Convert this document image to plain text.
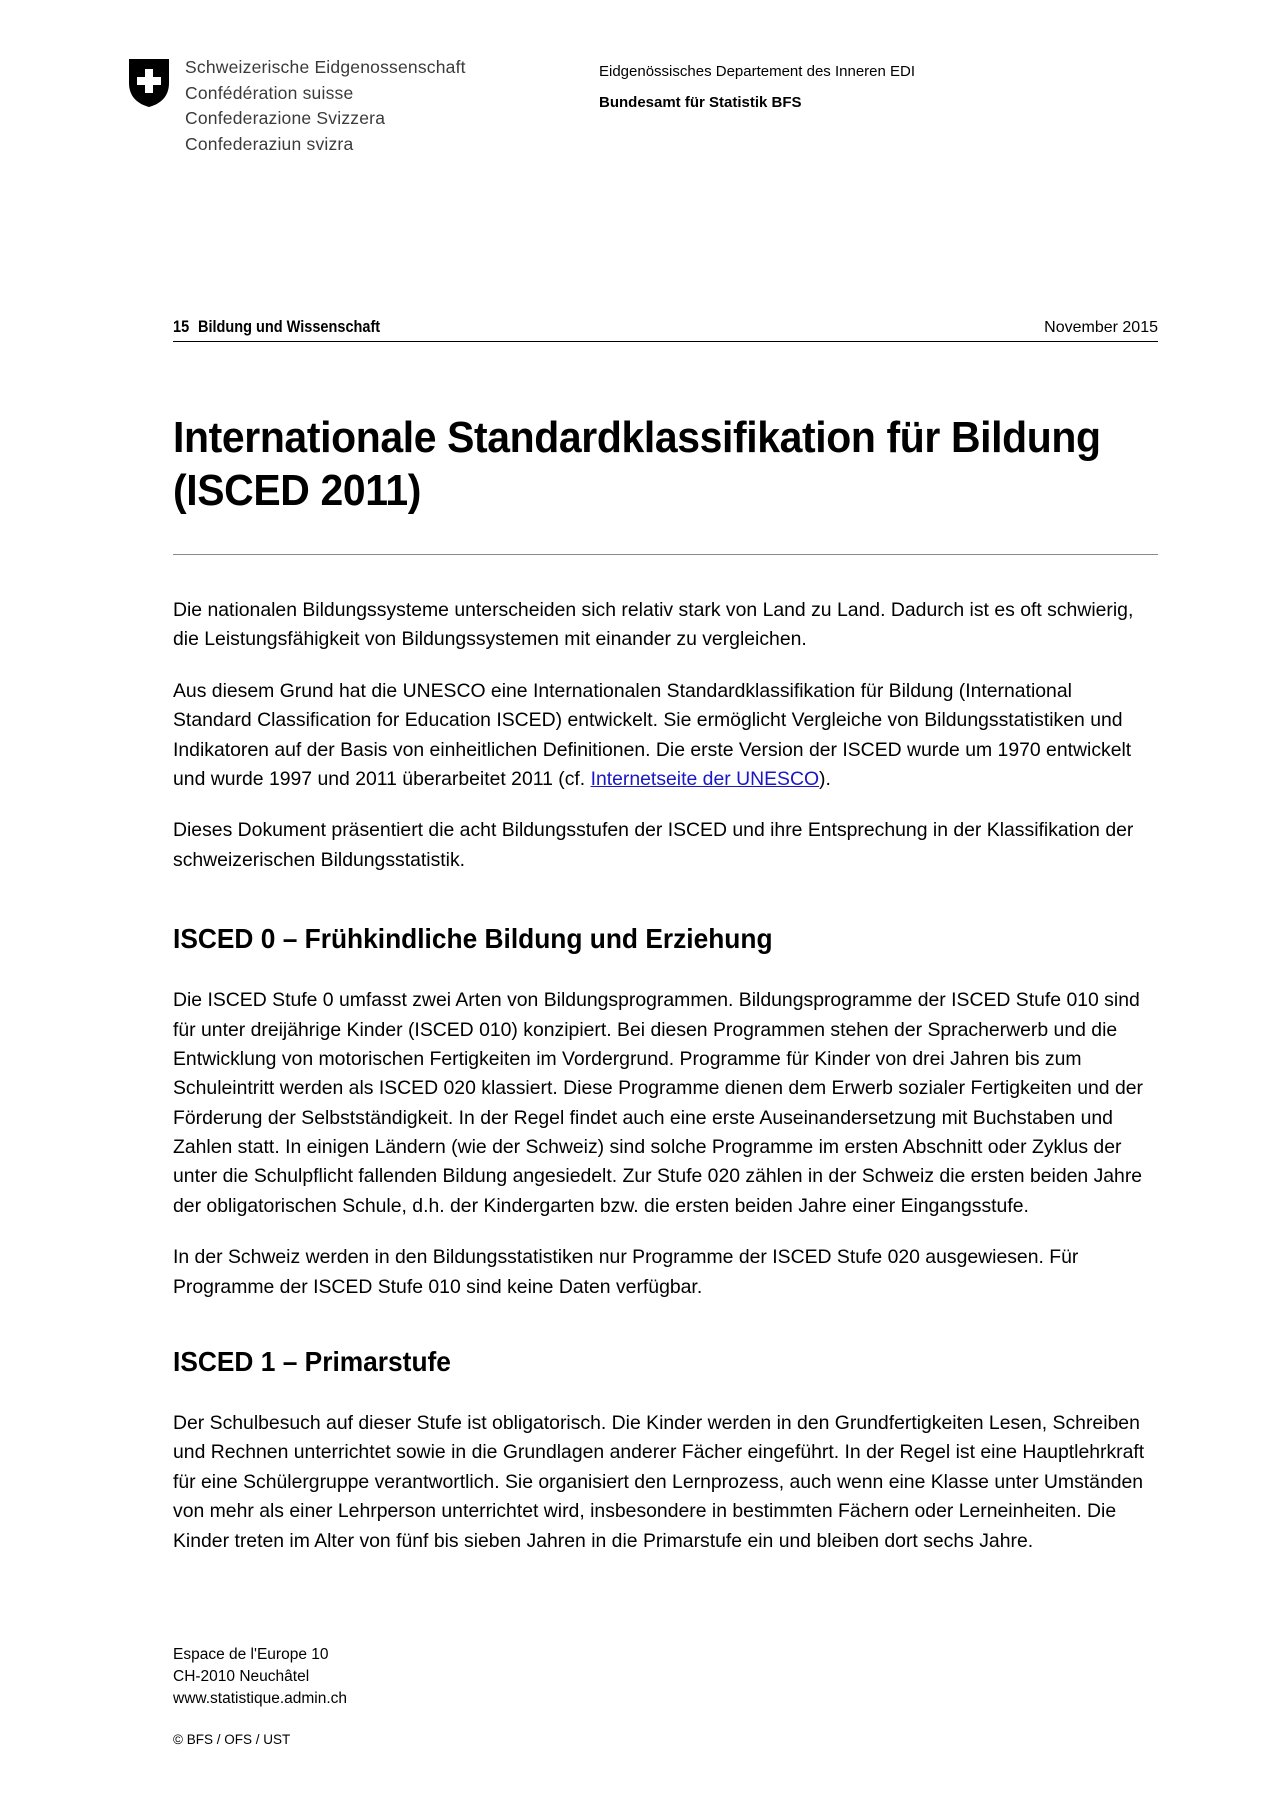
Schweizerische Eidgenossenschaft
Confédération suisse
Confederazione Svizzera
Confederaziun svizra
Eidgenössisches Departement des Inneren EDI
Bundesamt für Statistik BFS
15 Bildung und Wissenschaft	November 2015
Internationale Standardklassifikation für Bildung (ISCED 2011)

Die nationalen Bildungssysteme unterscheiden sich relativ stark von Land zu Land. Dadurch ist es oft schwierig, die Leistungsfähigkeit von Bildungssystemen mit einander zu vergleichen.

Aus diesem Grund hat die UNESCO eine Internationalen Standardklassifikation für Bildung (International Standard Classification for Education ISCED) entwickelt. Sie ermöglicht Vergleiche von Bildungsstatistiken und Indikatoren auf der Basis von einheitlichen Definitionen. Die erste Version der ISCED wurde um 1970 entwickelt und wurde 1997 und 2011 überarbeitet 2011 (cf. Internetseite der UNESCO).

Dieses Dokument präsentiert die acht Bildungsstufen der ISCED und ihre Entsprechung in der Klassifikation der schweizerischen Bildungsstatistik.

ISCED 0 – Frühkindliche Bildung und Erziehung

Die ISCED Stufe 0 umfasst zwei Arten von Bildungsprogrammen. Bildungsprogramme der ISCED Stufe 010 sind für unter dreijährige Kinder (ISCED 010) konzipiert. Bei diesen Programmen stehen der Spracherwerb und die Entwicklung von motorischen Fertigkeiten im Vordergrund. Programme für Kinder von drei Jahren bis zum Schuleintritt werden als ISCED 020 klassiert. Diese Programme dienen dem Erwerb sozialer Fertigkeiten und der Förderung der Selbstständigkeit. In der Regel findet auch eine erste Auseinandersetzung mit Buchstaben und Zahlen statt. In einigen Ländern (wie der Schweiz) sind solche Programme im ersten Abschnitt oder Zyklus der unter die Schulpflicht fallenden Bildung angesiedelt. Zur Stufe 020 zählen in der Schweiz die ersten beiden Jahre der obligatorischen Schule, d.h. der Kindergarten bzw. die ersten beiden Jahre einer Eingangsstufe.

In der Schweiz werden in den Bildungsstatistiken nur Programme der ISCED Stufe 020 ausgewiesen. Für Programme der ISCED Stufe 010 sind keine Daten verfügbar.

ISCED 1 – Primarstufe

Der Schulbesuch auf dieser Stufe ist obligatorisch. Die Kinder werden in den Grundfertigkeiten Lesen, Schreiben und Rechnen unterrichtet sowie in die Grundlagen anderer Fächer eingeführt. In der Regel ist eine Hauptlehrkraft für eine Schülergruppe verantwortlich. Sie organisiert den Lernprozess, auch wenn eine Klasse unter Umständen von mehr als einer Lehrperson unterrichtet wird, insbesondere in bestimmten Fächern oder Lerneinheiten. Die Kinder treten im Alter von fünf bis sieben Jahren in die Primarstufe ein und bleiben dort sechs Jahre.

Espace de l'Europe 10
CH-2010 Neuchâtel
www.statistique.admin.ch
© BFS / OFS / UST
